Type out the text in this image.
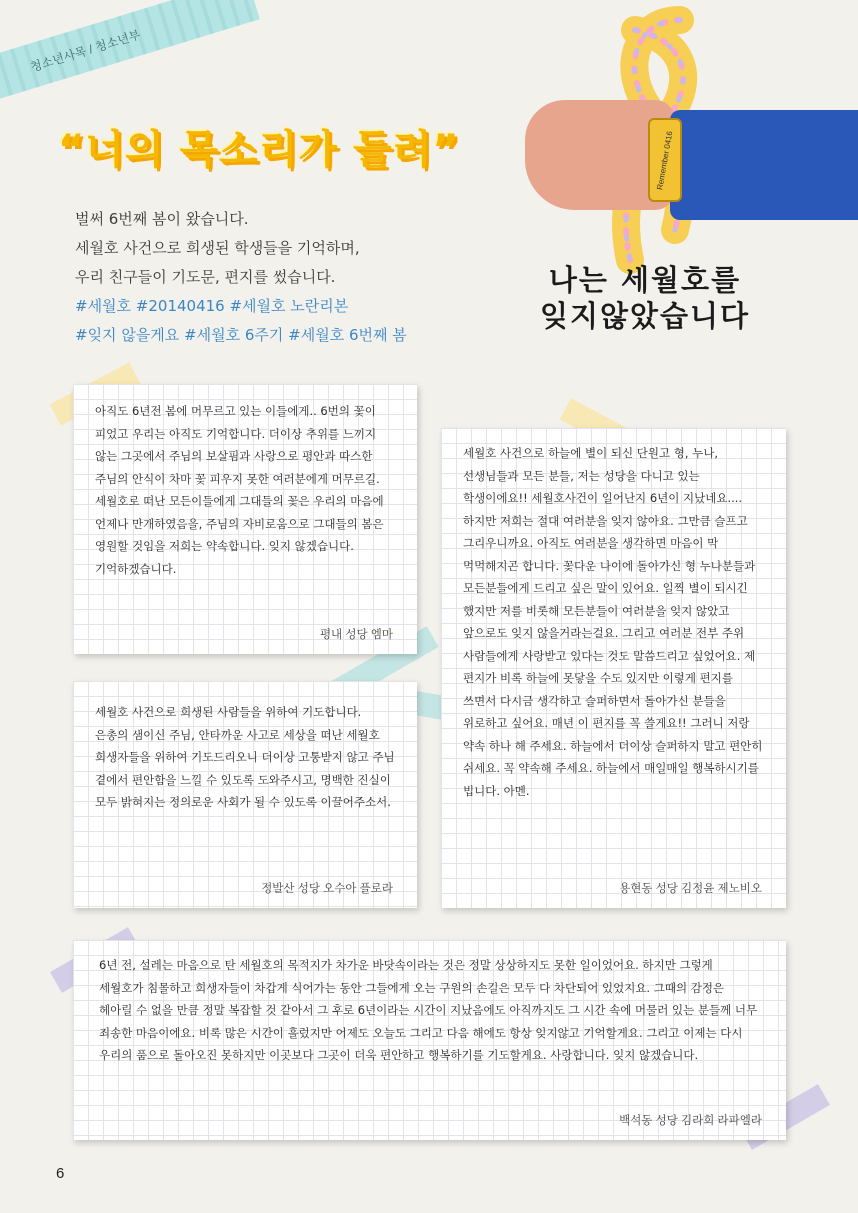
청소년사목 / 청소년부
“너의 목소리가 들려”

벌써 6번째 봄이 왔습니다.

세월호 사건으로 희생된 학생들을 기억하며,

우리 친구들이 기도문, 편지를 썼습니다.

#세월호 #20140416 #세월호 노란리본

#잊지 않을게요 #세월호 6주기 #세월호 6번째 봄

Remember 0416
나는 세월호를
잊지않았습니다

아직도 6년전 봄에 머무르고 있는 이들에게.. 6번의 꽃이 피었고 우리는 아직도 기억합니다. 더이상 추위를 느끼지 않는 그곳에서 주님의 보살핌과 사랑으로 평안과 따스한 주님의 안식이 차마 꽃 피우지 못한 여러분에게 머무르길. 세월호로 떠난 모든이들에게 그대들의 꽃은 우리의 마음에 언제나 만개하였음을, 주님의 자비로움으로 그대들의 봄은 영원할 것임을 저희는 약속합니다. 잊지 않겠습니다. 기억하겠습니다.

평내 성당 엠마

세월호 사건으로 하늘에 별이 되신 단원고 형, 누나, 선생님들과 모든 분들, 저는 성당을 다니고 있는 학생이에요!! 세월호사건이 일어난지 6년이 지났네요.... 하지만 저희는 절대 여러분을 잊지 않아요. 그만큼 슬프고 그리우니까요. 아직도 여러분을 생각하면 마음이 막 먹먹해지곤 합니다. 꽃다운 나이에 돌아가신 형 누나분들과 모든분들에게 드리고 싶은 말이 있어요. 일찍 별이 되시긴 했지만 저를 비롯해 모든분들이 여러분을 잊지 않았고 앞으로도 잊지 않을거라는걸요. 그리고 여러분 전부 주위 사람들에게 사랑받고 있다는 것도 말씀드리고 싶었어요. 제 편지가 비록 하늘에 못닿을 수도 있지만 이렇게 편지를 쓰면서 다시금 생각하고 슬퍼하면서 돌아가신 분들을 위로하고 싶어요. 매년 이 편지를 꼭 쓸게요!! 그러니 저랑 약속 하나 해 주세요. 하늘에서 더이상 슬퍼하지 말고 편안히 쉬세요. 꼭 약속해 주세요. 하늘에서 매일매일 행복하시기를 빕니다. 아멘.

용현동 성당 김정윤 제노비오

세월호 사건으로 희생된 사람들을 위하여 기도합니다. 은총의 샘이신 주님, 안타까운 사고로 세상을 떠난 세월호 희생자들을 위하여 기도드리오니 더이상 고통받지 않고 주님 곁에서 편안함을 느낄 수 있도록 도와주시고, 명백한 진실이 모두 밝혀지는 정의로운 사회가 될 수 있도록 이끌어주소서.

정발산 성당 오수아 플로라

6년 전, 설레는 마음으로 탄 세월호의 목적지가 차가운 바닷속이라는 것은 정말 상상하지도 못한 일이었어요. 하지만 그렇게 세월호가 침몰하고 희생자들이 차갑게 식어가는 동안 그들에게 오는 구원의 손길은 모두 다 차단되어 있었지요. 그때의 감정은 헤아릴 수 없을 만큼 정말 복잡할 것 같아서 그 후로 6년이라는 시간이 지났음에도 아직까지도 그 시간 속에 머물러 있는 분들께 너무 죄송한 마음이에요. 비록 많은 시간이 흘렀지만 어제도 오늘도 그리고 다음 해에도 항상 잊지않고 기억할게요. 그리고 이제는 다시 우리의 품으로 돌아오진 못하지만 이곳보다 그곳이 더욱 편안하고 행복하기를 기도할게요. 사랑합니다. 잊지 않겠습니다.

백석동 성당 김라희 라파엘라
6
